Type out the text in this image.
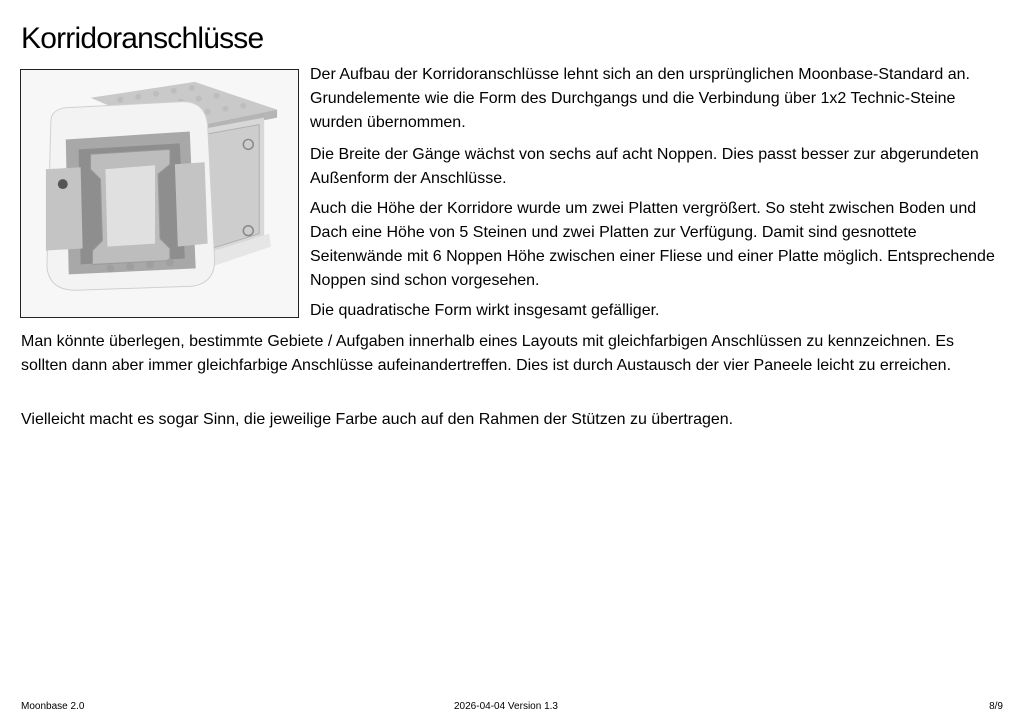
Korridoranschlüsse

Der Aufbau der Korridoranschlüsse lehnt sich an den ursprünglichen Moonbase-Standard an. Grundelemente wie die Form des Durchgangs und die Verbindung über 1x2 Technic-Steine wurden übernommen.

Die Breite der Gänge wächst von sechs auf acht Noppen. Dies passt besser zur abgerundeten Außenform der Anschlüsse.

Auch die Höhe der Korridore wurde um zwei Platten vergrößert. So steht zwischen Boden und Dach eine Höhe von 5 Steinen und zwei Platten zur Verfügung. Damit sind gesnottete Seitenwände mit 6 Noppen Höhe zwischen einer Fliese und einer Platte möglich. Entsprechende Noppen sind schon vorgesehen.

Die quadratische Form wirkt insgesamt gefälliger.

Man könnte überlegen, bestimmte Gebiete / Aufgaben innerhalb eines Layouts mit gleichfarbigen Anschlüssen zu kennzeichnen. Es sollten dann aber immer gleichfarbige Anschlüsse aufeinandertreffen. Dies ist durch Austausch der vier Paneele leicht zu erreichen.

Vielleicht macht es sogar Sinn, die jeweilige Farbe auch auf den Rahmen der Stützen zu übertragen.

Moonbase 2.0	2026-04-04 Version 1.3	8/9
